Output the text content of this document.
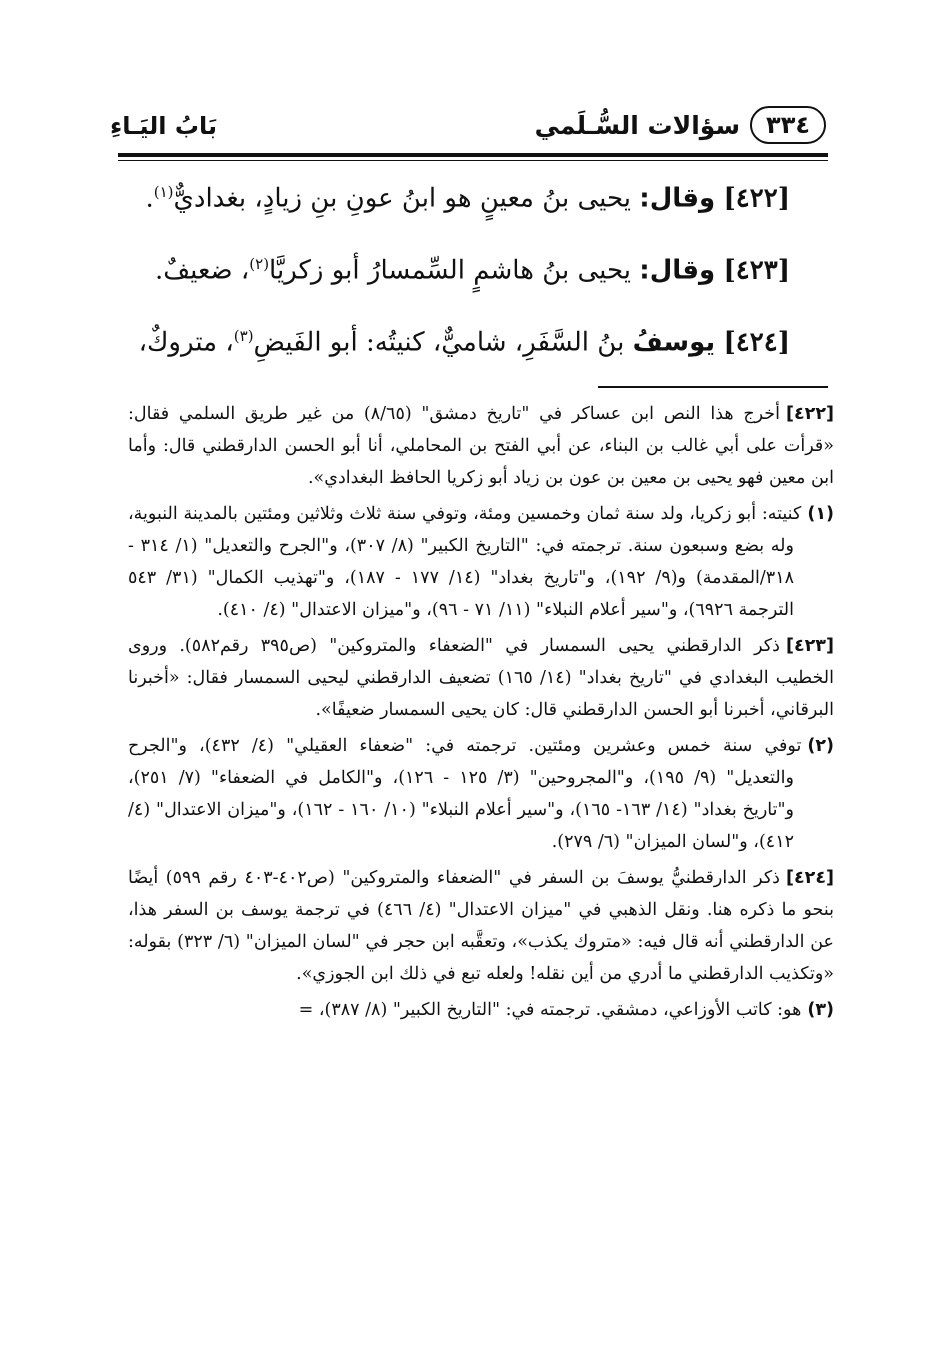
٣٣٤
سؤالات السُّـلَمي
بَابُ اليَـاءِ
[٤٢٢] وقال: يحيى بنُ معينٍ هو ابنُ عونِ بنِ زيادٍ، بغداديٌّ$^{(١)}$.
[٤٢٣] وقال: يحيى بنُ هاشمٍ السِّمسارُ أبو زكريَّا$^{(٢)}$، ضعيفٌ.
[٤٢٤] يوسفُ بنُ السَّفَرِ، شاميٌّ، كنيتُه: أبو الفَيضِ$^{(٣)}$، متروكٌ،

[٤٢٢]أخرج هذا النص ابن عساكر في "تاريخ دمشق" (٨/٦٥) من غير طريق السلمي فقال: «قرأت على أبي غالب بن البناء، عن أبي الفتح بن المحاملي، أنا أبو الحسن الدارقطني قال: وأما ابن معين فهو يحيى بن معين بن عون بن زياد أبو زكريا الحافظ البغدادي».

(١)كنيته: أبو زكريا، ولد سنة ثمان وخمسين ومئة، وتوفي سنة ثلاث وثلاثين ومئتين بالمدينة النبوية، وله بضع وسبعون سنة. ترجمته في: "التاريخ الكبير" (٨/ ٣٠٧)، و"الجرح والتعديل" (١/ ٣١٤ - ٣١٨/المقدمة) و(٩/ ١٩٢)، و"تاريخ بغداد" (١٤/ ١٧٧ - ١٨٧)، و"تهذيب الكمال" (٣١/ ٥٤٣ الترجمة ٦٩٢٦)، و"سير أعلام النبلاء" (١١/ ٧١ - ٩٦)، و"ميزان الاعتدال" (٤/ ٤١٠).

[٤٢٣]ذكر الدارقطني يحيى السمسار في "الضعفاء والمتروكين" (ص٣٩٥ رقم٥٨٢). وروى الخطيب البغدادي في "تاريخ بغداد" (١٤/ ١٦٥) تضعيف الدارقطني ليحيى السمسار فقال: «أخبرنا البرقاني، أخبرنا أبو الحسن الدارقطني قال: كان يحيى السمسار ضعيفًا».

(٢)توفي سنة خمس وعشرين ومئتين. ترجمته في: "ضعفاء العقيلي" (٤/ ٤٣٢)، و"الجرح والتعديل" (٩/ ١٩٥)، و"المجروحين" (٣/ ١٢٥ - ١٢٦)، و"الكامل في الضعفاء" (٧/ ٢٥١)، و"تاريخ بغداد" (١٤/ ١٦٣- ١٦٥)، و"سير أعلام النبلاء" (١٠/ ١٦٠ - ١٦٢)، و"ميزان الاعتدال" (٤/ ٤١٢)، و"لسان الميزان" (٦/ ٢٧٩).

[٤٢٤]ذكر الدارقطنيُّ يوسفَ بن السفر في "الضعفاء والمتروكين" (ص٤٠٢-٤٠٣ رقم ٥٩٩) أيضًا بنحو ما ذكره هنا. ونقل الذهبي في "ميزان الاعتدال" (٤/ ٤٦٦) في ترجمة يوسف بن السفر هذا، عن الدارقطني أنه قال فيه: «متروك يكذب»، وتعقَّبه ابن حجر في "لسان الميزان" (٦/ ٣٢٣) بقوله: «وتكذيب الدارقطني ما أدري من أين نقله! ولعله تبع في ذلك ابن الجوزي».

(٣)هو: كاتب الأوزاعي، دمشقي. ترجمته في: "التاريخ الكبير" (٨/ ٣٨٧)، =
